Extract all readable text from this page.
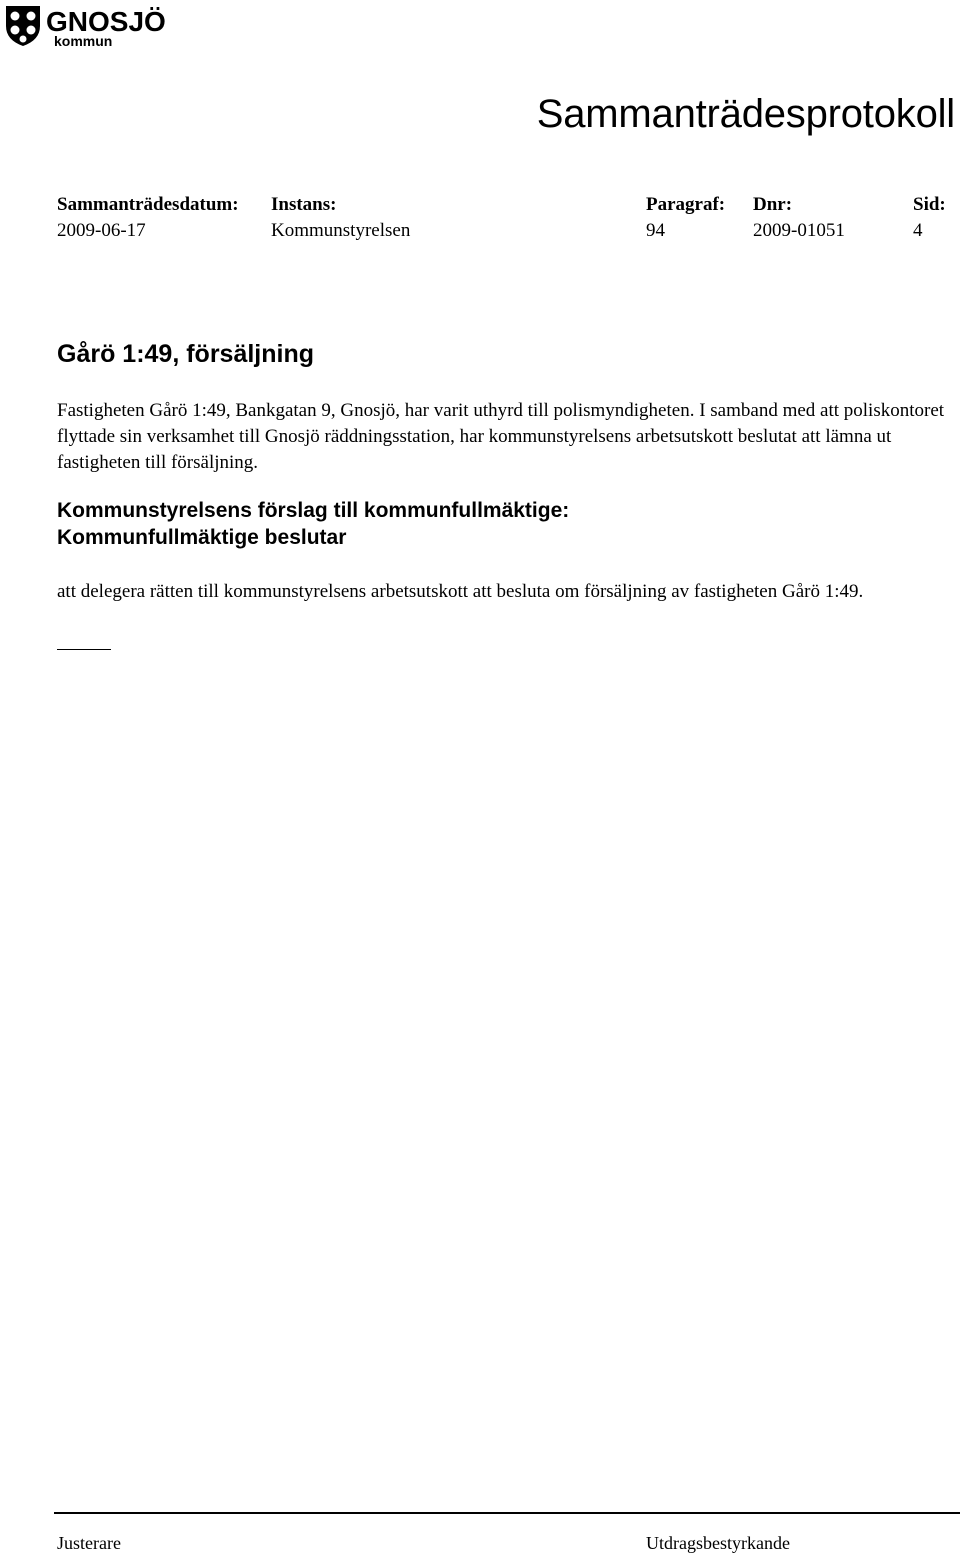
GNOSJÖ
kommun
Sammanträdesprotokoll
Sammanträdesdatum:
2009-06-17
Instans:
Kommunstyrelsen
Paragraf:
94
Dnr:
2009-01051
Sid:
4
Gårö 1:49, försäljning

Fastigheten Gårö 1:49, Bankgatan 9, Gnosjö, har varit uthyrd till polismyndigheten. I samband med att poliskontoret flyttade sin verksamhet till Gnosjö räddningsstation, har kommunstyrelsens arbetsutskott beslutat att lämna ut fastigheten till försäljning.

Kommunstyrelsens förslag till kommunfullmäktige:
Kommunfullmäktige beslutar

att delegera rätten till kommunstyrelsens arbetsutskott att besluta om försäljning av fastigheten Gårö 1:49.

Justerare	Utdragsbestyrkande
